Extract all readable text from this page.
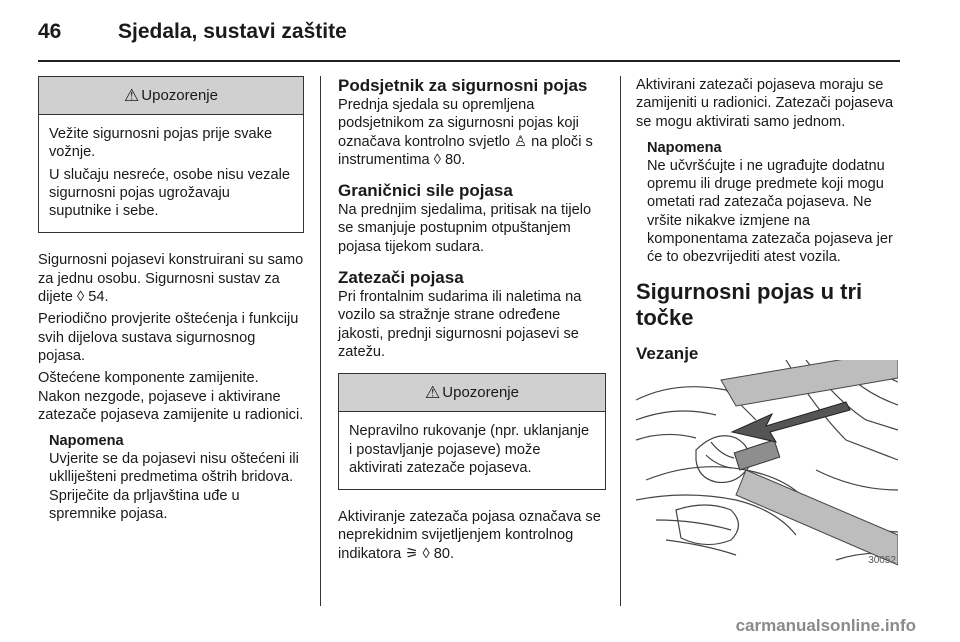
46	Sjedala, sustavi zaštite
⚠ Upozorenje

Vežite sigurnosni pojas prije svake vožnje.

U slučaju nesreće, osobe nisu vezale sigurnosni pojas ugrožavaju suputnike i sebe.

Sigurnosni pojasevi konstruirani su samo za jednu osobu. Sigurnosni sustav za dijete ◊ 54.

Periodično provjerite oštećenja i funkciju svih dijelova sustava sigurnosnog pojasa.

Oštećene komponente zamijenite. Nakon nezgode, pojaseve i aktivirane zatezače pojaseva zamijenite u radionici.

Napomena
Uvjerite se da pojasevi nisu oštećeni ili uklliješteni predmetima oštrih bridova. Spriječite da prljavština uđe u spremnike pojasa.
Podsjetnik za sigurnosni pojas

Prednja sjedala su opremljena podsjetnikom za sigurnosni pojas koji označava kontrolno svjetlo ♙ na ploči s instrumentima ◊ 80.

Graničnici sile pojasa

Na prednjim sjedalima, pritisak na tijelo se smanjuje postupnim otpuštanjem pojasa tijekom sudara.

Zatezači pojasa

Pri frontalnim sudarima ili naletima na vozilo sa stražnje strane određene jakosti, prednji sigurnosni pojasevi se zatežu.

⚠ Upozorenje

Nepravilno rukovanje (npr. uklanjanje i postavljanje pojaseve) može aktivirati zatezače pojaseva.

Aktiviranje zatezača pojasa označava se neprekidnim svijetljenjem kontrolnog indikatora ⚞ ◊ 80.

Aktivirani zatezači pojaseva moraju se zamijeniti u radionici. Zatezači pojaseva se mogu aktivirati samo jednom.

Napomena
Ne učvršćujte i ne ugrađujte dodatnu opremu ili druge predmete koji mogu ometati rad zatezača pojaseva. Ne vršite nikakve izmjene na komponentama zatezača pojaseva jer će to obezvrijediti atest vozila.
Sigurnosni pojas u tri točke
Vezanje
30052
carmanualsonline.info
